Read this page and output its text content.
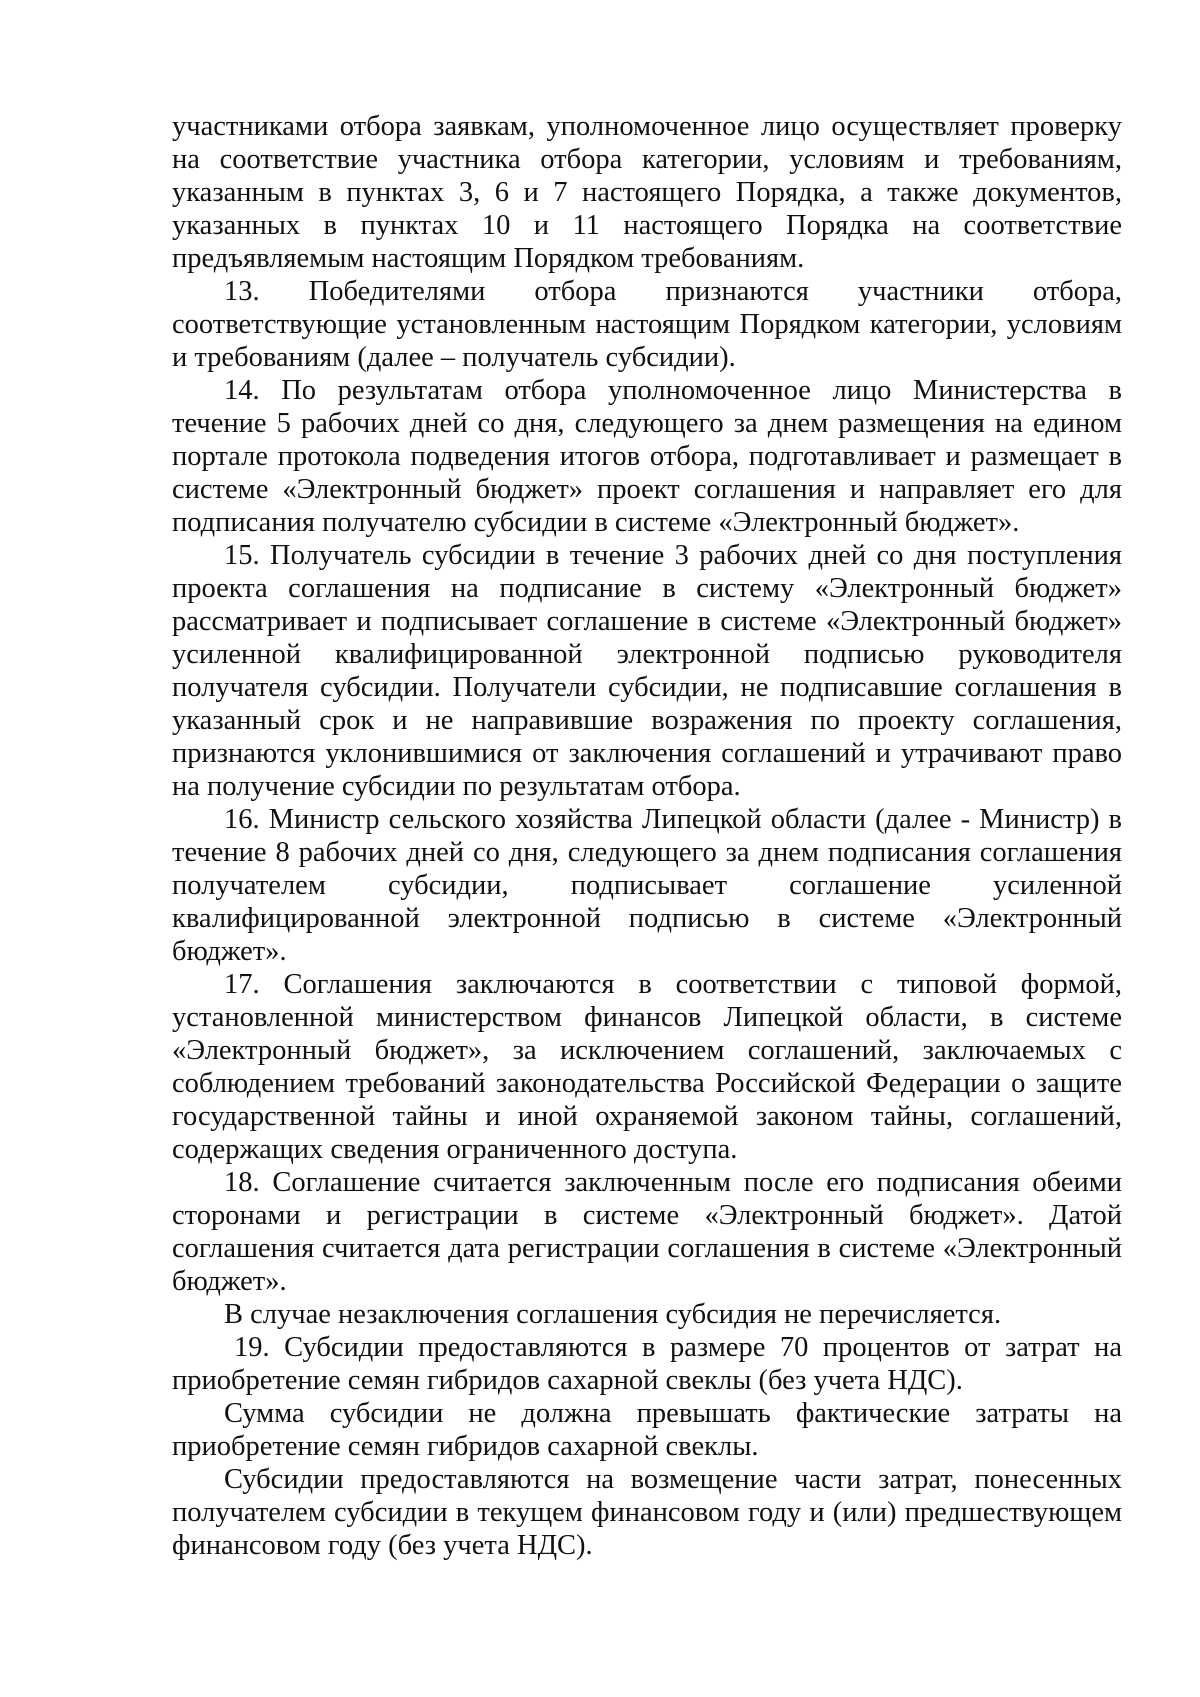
участниками отбора заявкам, уполномоченное лицо осуществляет проверку на соответствие участника отбора категории, условиям и требованиям, указанным в пунктах 3, 6 и 7 настоящего Порядка, а также документов, указанных в пунктах 10 и 11 настоящего Порядка на соответствие предъявляемым настоящим Порядком требованиям.

13. Победителями отбора признаются участники отбора, соответствующие установленным настоящим Порядком категории, условиям и требованиям (далее – получатель субсидии).

14. По результатам отбора уполномоченное лицо Министерства в течение 5 рабочих дней со дня, следующего за днем размещения на едином портале протокола подведения итогов отбора, подготавливает и размещает в системе «Электронный бюджет» проект соглашения и направляет его для подписания получателю субсидии в системе «Электронный бюджет».

15. Получатель субсидии в течение 3 рабочих дней со дня поступления проекта соглашения на подписание в систему «Электронный бюджет» рассматривает и подписывает соглашение в системе «Электронный бюджет» усиленной квалифицированной электронной подписью руководителя получателя субсидии. Получатели субсидии, не подписавшие соглашения в указанный срок и не направившие возражения по проекту соглашения, признаются уклонившимися от заключения соглашений и утрачивают право на получение субсидии по результатам отбора.

16. Министр сельского хозяйства Липецкой области (далее - Министр) в течение 8 рабочих дней со дня, следующего за днем подписания соглашения получателем субсидии, подписывает соглашение усиленной квалифицированной электронной подписью в системе «Электронный бюджет».

17. Соглашения заключаются в соответствии с типовой формой, установленной министерством финансов Липецкой области, в системе «Электронный бюджет», за исключением соглашений, заключаемых с соблюдением требований законодательства Российской Федерации о защите государственной тайны и иной охраняемой законом тайны, соглашений, содержащих сведения ограниченного доступа.

18. Соглашение считается заключенным после его подписания обеими сторонами и регистрации в системе «Электронный бюджет». Датой соглашения считается дата регистрации соглашения в системе «Электронный бюджет».

В случае незаключения соглашения субсидия не перечисляется.

19. Субсидии предоставляются в размере 70 процентов от затрат на приобретение семян гибридов сахарной свеклы (без учета НДС).

Сумма субсидии не должна превышать фактические затраты на приобретение семян гибридов сахарной свеклы.

Субсидии предоставляются на возмещение части затрат, понесенных получателем субсидии в текущем финансовом году и (или) предшествующем финансовом году (без учета НДС).
